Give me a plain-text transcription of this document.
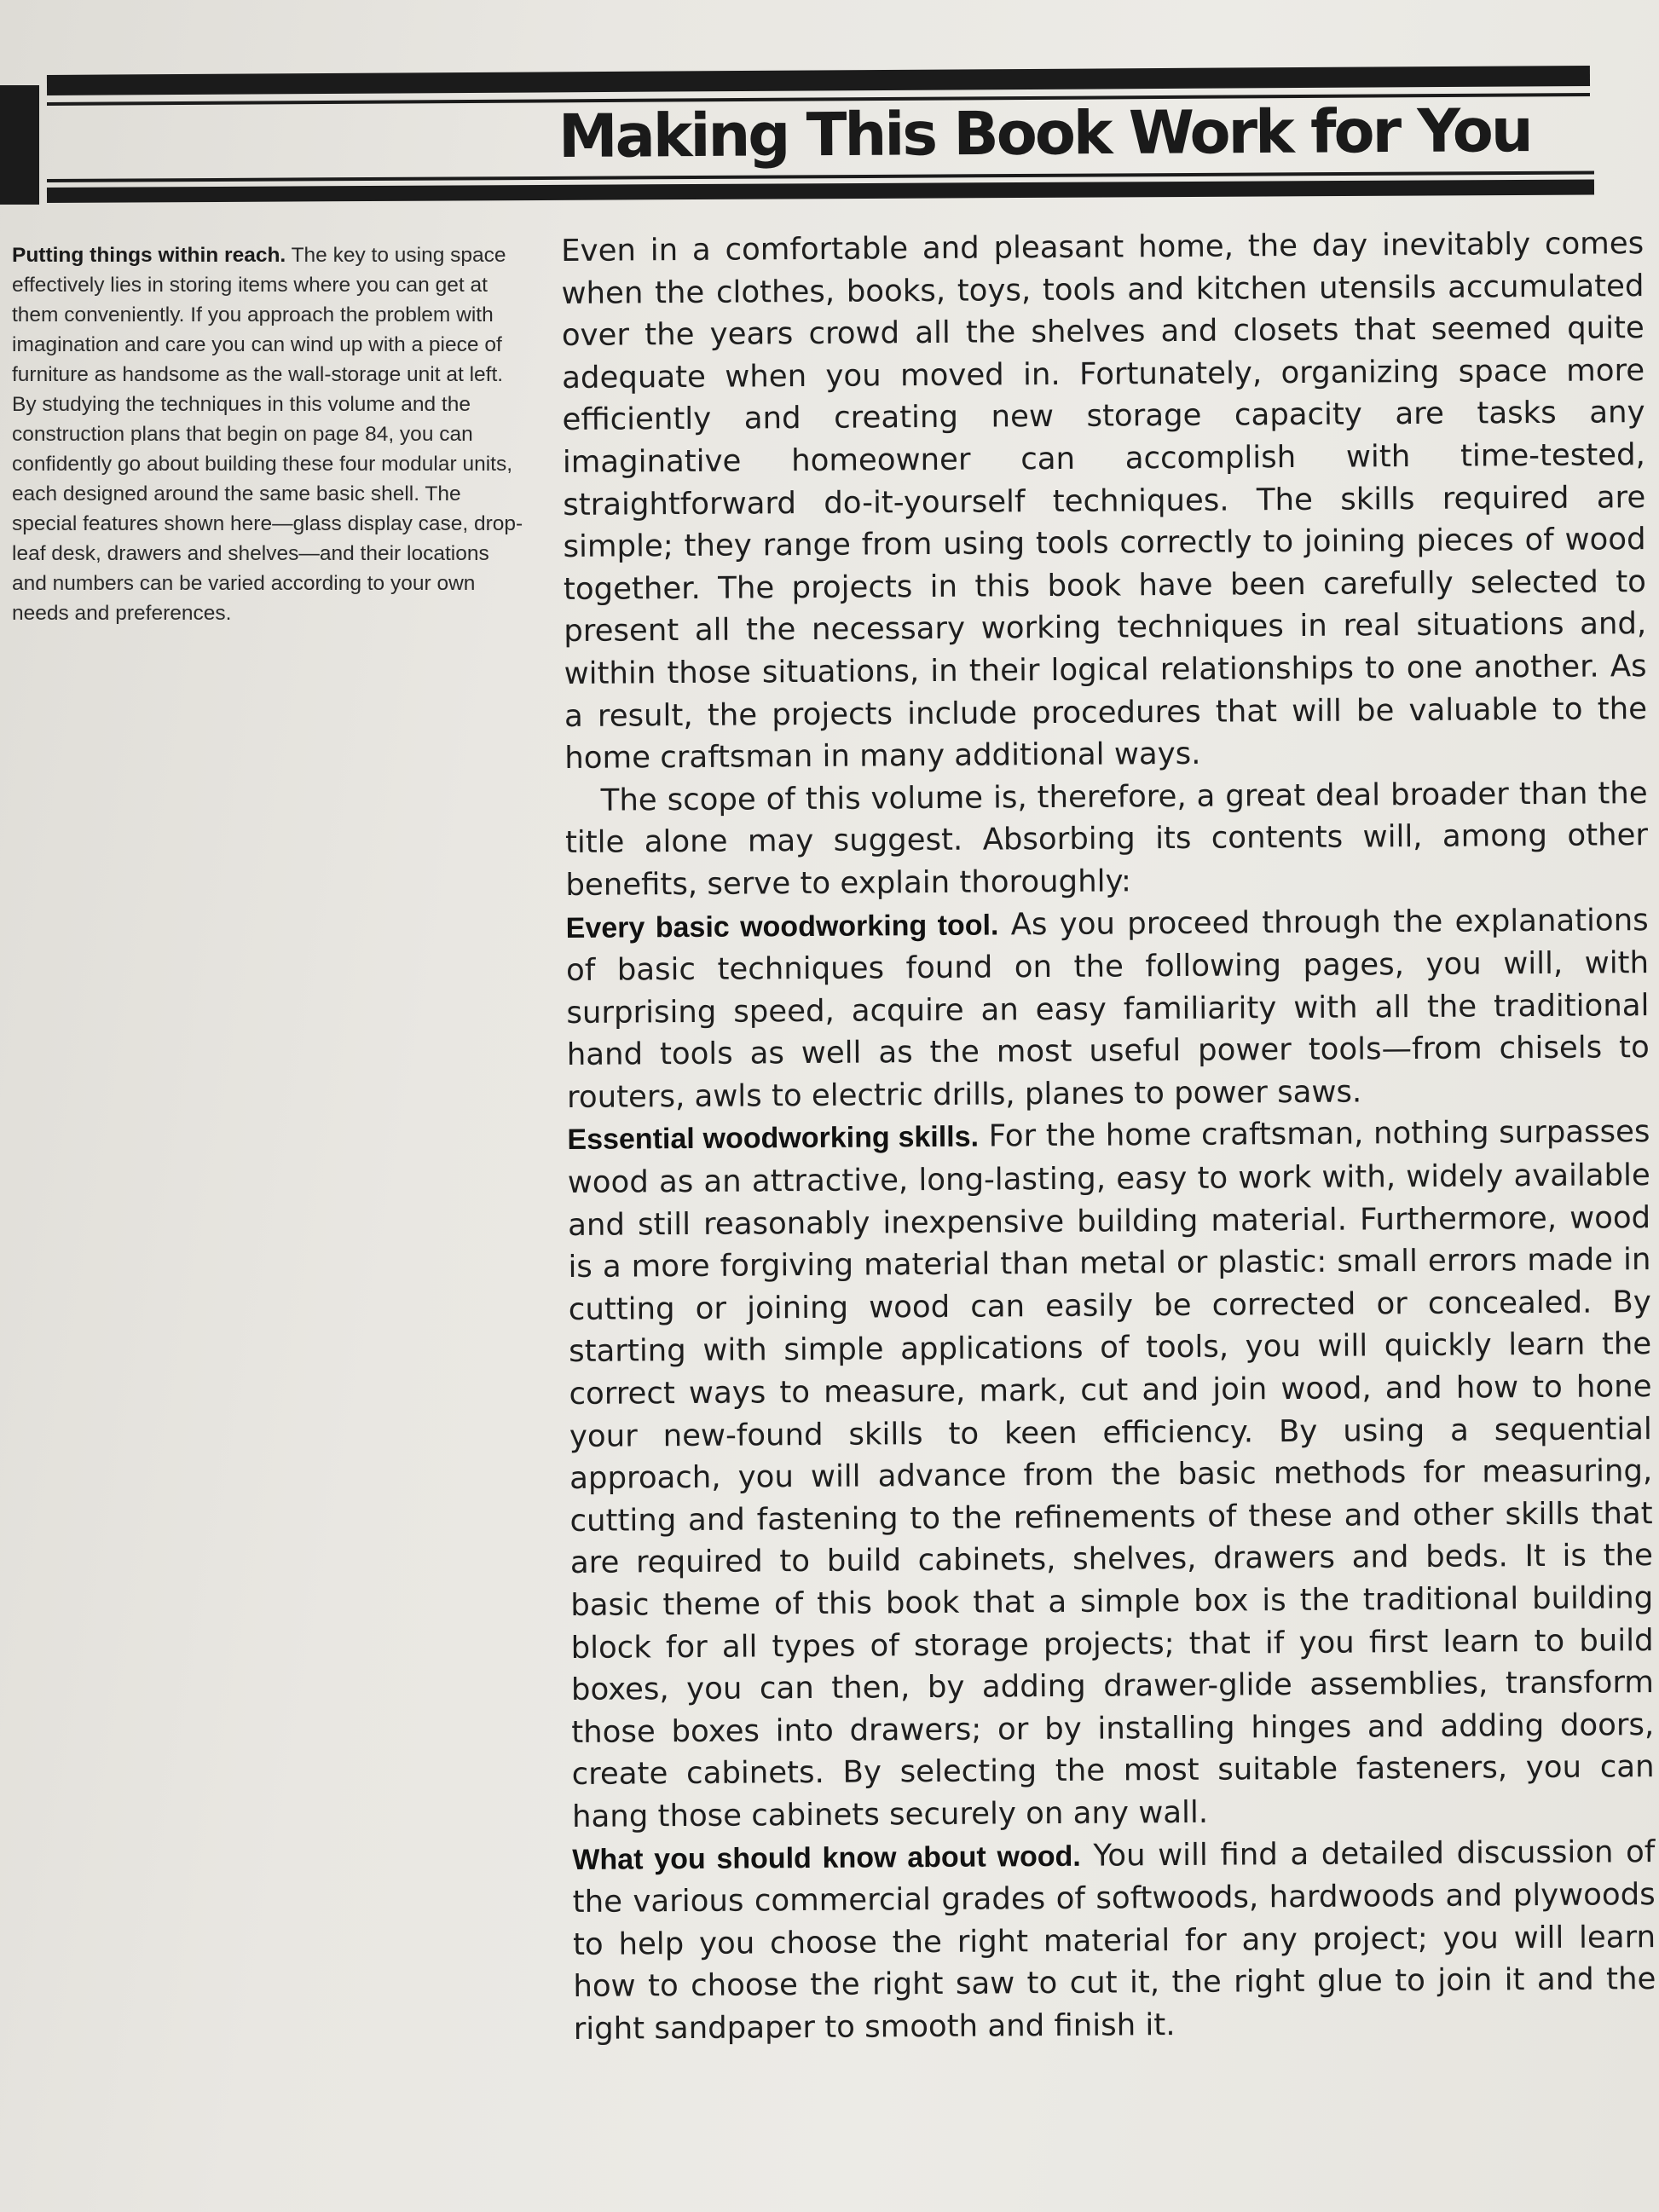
Making This Book Work for You
Putting things within reach. The key to using space effectively lies in storing items where you can get at them conveniently. If you approach the problem with imagination and care you can wind up with a piece of furniture as handsome as the wall-storage unit at left. By studying the techniques in this volume and the construction plans that begin on page 84, you can confidently go about building these four modular units, each designed around the same basic shell. The special features shown here—glass display case, drop-leaf desk, drawers and shelves—and their locations and numbers can be varied according to your own needs and preferences.

Even in a comfortable and pleasant home, the day inevitably comes when the clothes, books, toys, tools and kitchen utensils accumulated over the years crowd all the shelves and closets that seemed quite adequate when you moved in. Fortunately, organizing space more efficiently and creating new storage capacity are tasks any imaginative homeowner can accomplish with time-tested, straightforward do-it-yourself techniques. The skills required are simple; they range from using tools correctly to joining pieces of wood together. The projects in this book have been carefully selected to present all the necessary working techniques in real situations and, within those situations, in their logical relationships to one another. As a result, the projects include procedures that will be valuable to the home craftsman in many additional ways.

The scope of this volume is, therefore, a great deal broader than the title alone may suggest. Absorbing its contents will, among other benefits, serve to explain thoroughly:

Every basic woodworking tool. As you proceed through the explanations of basic techniques found on the following pages, you will, with surprising speed, acquire an easy familiarity with all the traditional hand tools as well as the most useful power tools—from chisels to routers, awls to electric drills, planes to power saws.

Essential woodworking skills. For the home craftsman, nothing surpasses wood as an attractive, long-lasting, easy to work with, widely available and still reasonably inexpensive building material. Furthermore, wood is a more forgiving material than metal or plastic: small errors made in cutting or joining wood can easily be corrected or concealed. By starting with simple applications of tools, you will quickly learn the correct ways to measure, mark, cut and join wood, and how to hone your new-found skills to keen efficiency. By using a sequential approach, you will advance from the basic methods for measuring, cutting and fastening to the refinements of these and other skills that are required to build cabinets, shelves, drawers and beds. It is the basic theme of this book that a simple box is the traditional building block for all types of storage projects; that if you first learn to build boxes, you can then, by adding drawer-glide assemblies, transform those boxes into drawers; or by installing hinges and adding doors, create cabinets. By selecting the most suitable fasteners, you can hang those cabinets securely on any wall.

What you should know about wood. You will find a detailed discussion of the various commercial grades of softwoods, hardwoods and plywoods to help you choose the right material for any project; you will learn how to choose the right saw to cut it, the right glue to join it and the right sandpaper to smooth and finish it.
